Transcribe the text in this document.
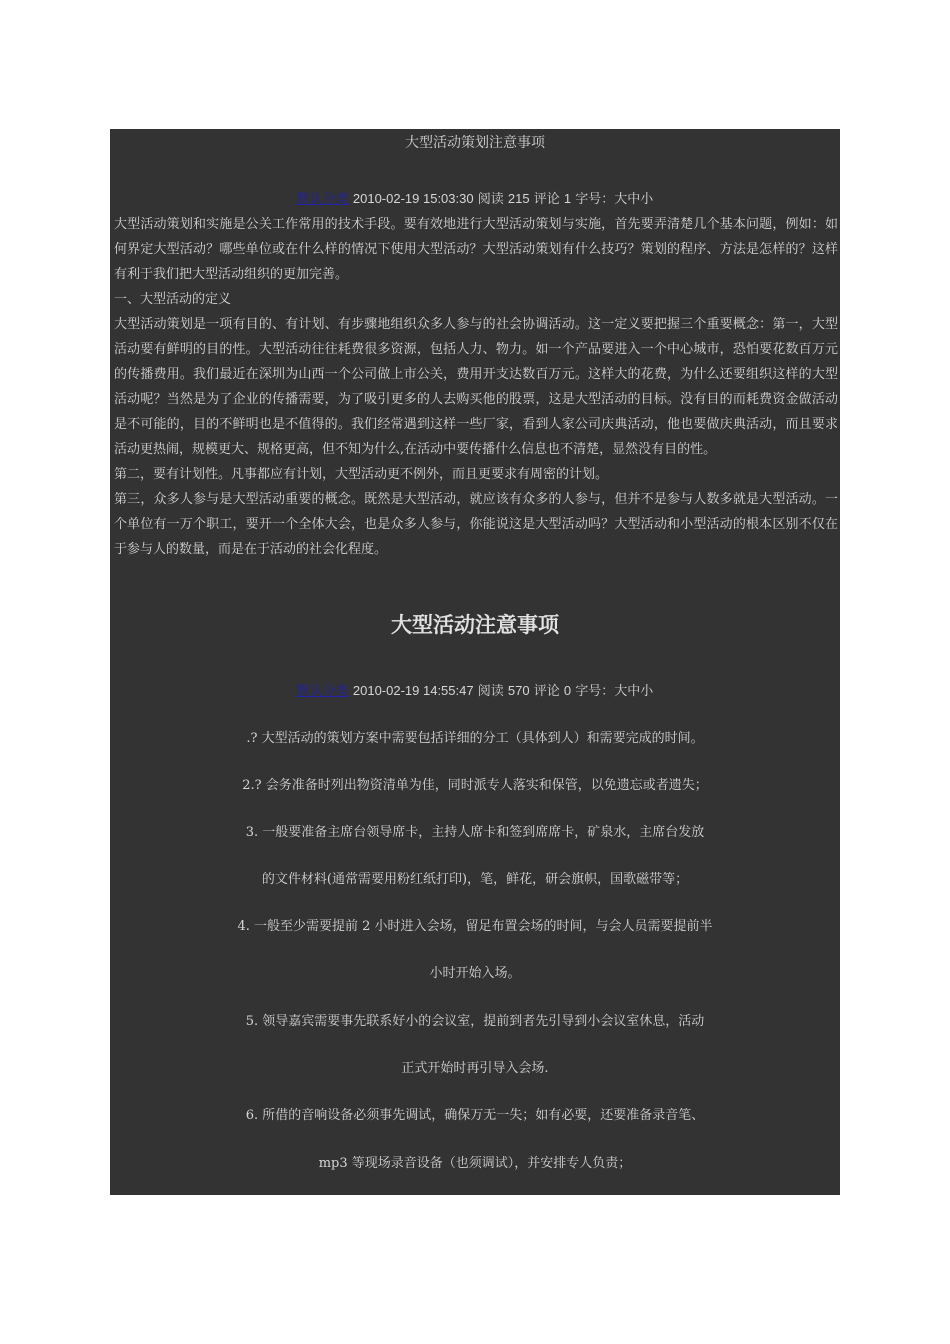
大型活动策划注意事项
默认分类 2010-02-19 15:03:30 阅读 215 评论 1 字号：大中小

大型活动策划和实施是公关工作常用的技术手段。要有效地进行大型活动策划与实施，首先要弄清楚几个基本问题，例如：如何界定大型活动？哪些单位或在什么样的情况下使用大型活动？大型活动策划有什么技巧？策划的程序、方法是怎样的？这样有利于我们把大型活动组织的更加完善。

一、大型活动的定义

大型活动策划是一项有目的、有计划、有步骤地组织众多人参与的社会协调活动。这一定义要把握三个重要概念：第一，大型活动要有鲜明的目的性。大型活动往往耗费很多资源，包括人力、物力。如一个产品要进入一个中心城市，恐怕要花数百万元的传播费用。我们最近在深圳为山西一个公司做上市公关，费用开支达数百万元。这样大的花费，为什么还要组织这样的大型活动呢？当然是为了企业的传播需要，为了吸引更多的人去购买他的股票，这是大型活动的目标。没有目的而耗费资金做活动是不可能的，目的不鲜明也是不值得的。我们经常遇到这样一些厂家，看到人家公司庆典活动，他也要做庆典活动，而且要求活动更热闹，规模更大、规格更高，但不知为什么,在活动中要传播什么信息也不清楚，显然没有目的性。

第二，要有计划性。凡事都应有计划，大型活动更不例外，而且更要求有周密的计划。

第三，众多人参与是大型活动重要的概念。既然是大型活动，就应该有众多的人参与，但并不是参与人数多就是大型活动。一个单位有一万个职工，要开一个全体大会，也是众多人参与，你能说这是大型活动吗？大型活动和小型活动的根本区别不仅在于参与人的数量，而是在于活动的社会化程度。

大型活动注意事项
默认分类 2010-02-19 14:55:47 阅读 570 评论 0 字号：大中小
.? 大型活动的策划方案中需要包括详细的分工（具体到人）和需要完成的时间。
2.? 会务准备时列出物资清单为佳，同时派专人落实和保管，以免遗忘或者遗失；
3. 一般要准备主席台领导席卡，主持人席卡和签到席席卡，矿泉水，主席台发放
的文件材料(通常需要用粉红纸打印)，笔，鲜花，研会旗帜，国歌磁带等；
4. 一般至少需要提前 2 小时进入会场，留足布置会场的时间，与会人员需要提前半
小时开始入场。
5. 领导嘉宾需要事先联系好小的会议室，提前到者先引导到小会议室休息，活动
正式开始时再引导入会场.
6. 所借的音响设备必须事先调试，确保万无一失；如有必要，还要准备录音笔、
mp3 等现场录音设备（也须调试），并安排专人负责；
